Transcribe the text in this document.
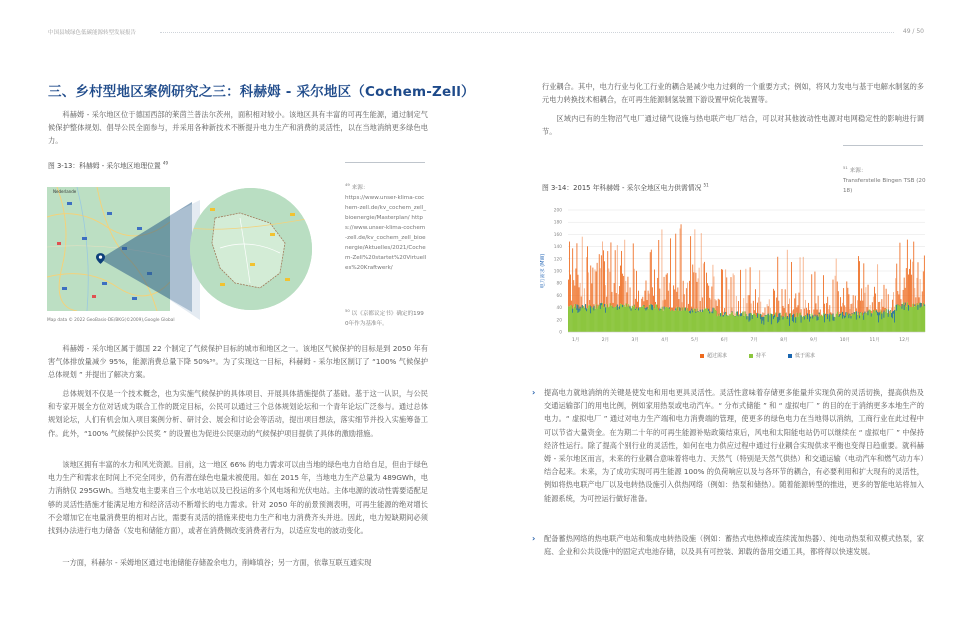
中国县域绿色低碳能源转型发展报告	49 / 50
三、乡村型地区案例研究之三：科赫姆 - 采尔地区（Cochem-Zell）
科赫姆 - 采尔地区位于德国西部的莱茵兰普法尔茨州，面积相对较小。该地区具有丰富的可再生能源，通过制定气候保护整体规划、倡导公民全面参与，并采用各种新技术不断提升电力生产和消费的灵活性，以在当地消纳更多绿色电力。
图 3-13：科赫姆 - 采尔地区地理位置 $^{49}$
Nederlande
Map data © 2022 GeoBasis-DE/BKG(©2009),Google Global
$^{49}$ 来源：
https://www.unser-klima-cochem-zell.de/kv_cochem_zell_bioenergie/Masterplan/ https://www.unser-klima-cochem-zell.de/kv_cochem_zell_bioenergie/Aktuelles/2021/Cochem-Zell%20startet%20Virtuelles%20Kraftwerk/
$^{50}$ 以《京都议定书》确定的1990年作为基准年。
科赫姆 - 采尔地区属于德国 22 个制定了气候保护目标的城市和地区之一。该地区气候保护的目标是到 2050 年有害气体排放量减少 95%，能源消费总量下降 50%⁵⁰。为了实现这一目标，科赫姆 - 采尔地区制订了 “100% 气候保护总体规划 ” 并提出了解决方案。
总体规划不仅是一个技术概念，也为实施气候保护的具体项目、开展具体措施提供了基础。基于这一认识，与公民和专家开展全方位对话成为联合工作的既定目标，公民可以通过三个总体规划论坛和一个青年论坛广泛参与。通过总体规划论坛，人们有机会加入项目案例分析、研讨会、展会和讨论会等活动，提出项目想法，落实细节并投入实施筹备工作。此外，“100% 气候保护公民奖 ” 的设置也为促进公民驱动的气候保护项目提供了具体的激励措施。
该地区拥有丰富的水力和风光资源。目前，这一地区 66% 的电力需求可以由当地的绿色电力自给自足，但由于绿色电力生产和需求在时间上不完全同步，仍有潜在绿色电量未被使用。如在 2015 年，当地电力生产总量为 489GWh，电力消纳仅 295GWh。当地发电主要来自三个水电站以及已投运的多个风电场和光伏电站。主体电源的波动性需要适配足够的灵活性措施才能满足地方和经济活动不断增长的电力需求。针对 2050 年的前景预测表明，可再生能源的绝对增长不会增加它在电量消费里的相对占比，需要有灵活的措施来使电力生产和电力消费齐头并进。因此，电力短缺期间必须找到办法进行电力储备（发电和储能方面），或者在消费侧改变消费者行为，以适应发电的波动变化。
一方面，科赫尔 - 采姆地区通过电池储能存储盈余电力，削峰填谷；另一方面，依靠互联互通实现
行业耦合。其中，电力行业与化工行业的耦合是减少电力过剩的一个重要方式；例如，将风力发电与基于电解水制氢的多元电力转换技术相耦合，在可再生能源制氢装置下游设置甲烷化装置等。
区域内已有的生物沼气电厂通过储气设施与热电联产电厂结合，可以对其他波动性电源对电网稳定性的影响进行调节。
$^{51}$ 来源：
Transferstelle Bingen TSB (2018)
图 3-14：2015 年科赫姆 - 采尔全地区电力供需情况 $^{51}$
电力需求 (MW)
0
20
40
60
80
100
120
140
160
180
200
1月	2月	3月	4月	5月	6月	7月	8月	9月	10月	11月	12月
超过需求	持平	低于需求
› 提高电力就地消纳的关键是使发电和用电更具灵活性。灵活性意味着存储更多能量并实现负荷的灵活切换，提高供热及交通运输部门的用电比例，例如家用热泵或电动汽车。“ 分布式储能 ” 和 “ 虚拟电厂 ” 的目的在于消纳更多本地生产的电力。“ 虚拟电厂 ” 通过对电力生产端和电力消费端的管理，使更多的绿色电力在当地得以消纳，工商行业在此过程中可以节省大量资金。在为期二十年的可再生能源补贴政策结束后，风电和太阳能电站仍可以继续在 “ 虚拟电厂 ” 中保持经济性运行。除了提高个别行业的灵活性，如何在电力供应过程中通过行业耦合实现供求平衡也变得日趋重要。就科赫姆 - 采尔地区而言，未来的行业耦合意味着将电力、天然气（特别是天然气供热）和交通运输（电动汽车和燃气动力车）结合起来。未来，为了成功实现可再生能源 100% 的负荷响应以及与各环节的耦合，有必要利用和扩大现有的灵活性，例如将热电联产电厂以及电转热设施引入供热网络（例如：热泵和储热）。随着能源转型的推进，更多的智能电站将加入能源系统，为可控运行做好准备。
› 配备蓄热网络的热电联产电站和集成电转热设施（例如：蓄热式电热棒或连续流加热器）、纯电动热泵和双模式热泵，家庭、企业和公共设施中的固定式电池存储，以及具有可控装、卸载的备用交通工具，都将得以快速发展。
